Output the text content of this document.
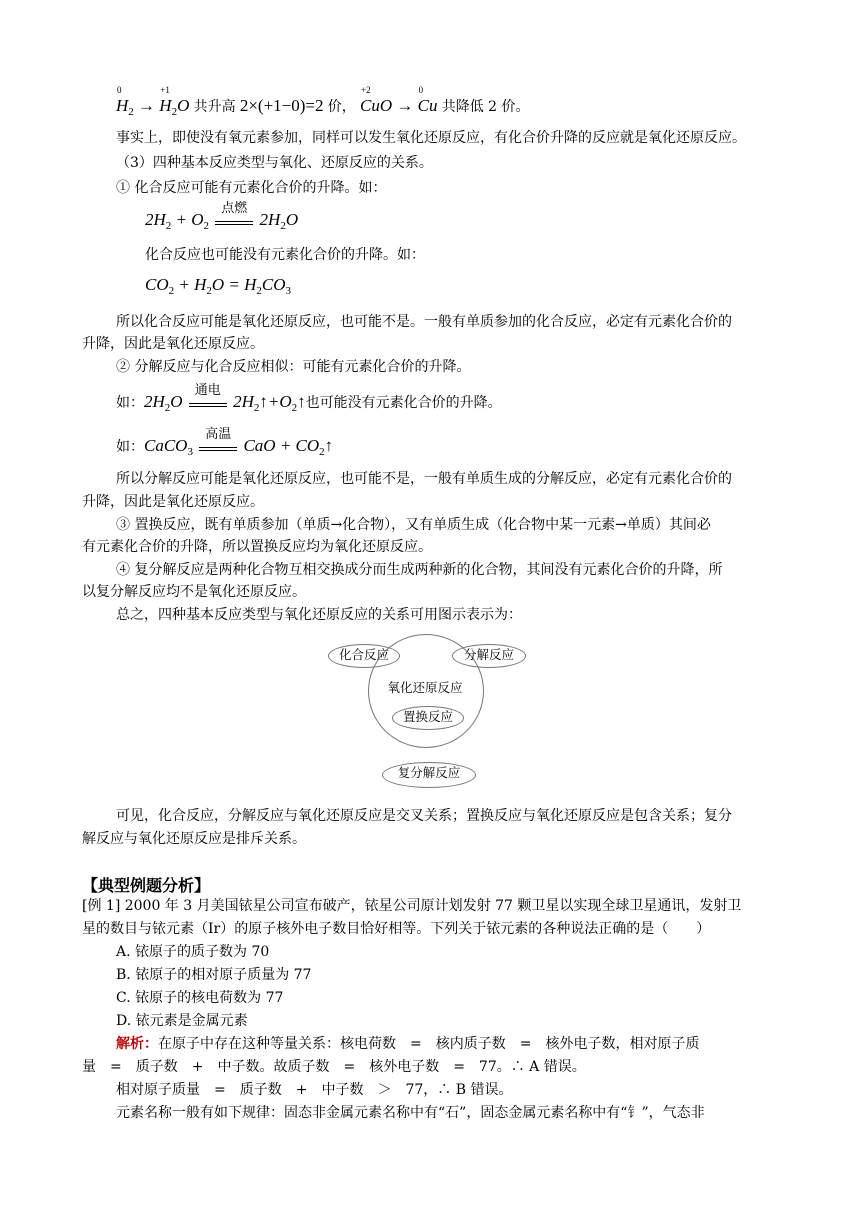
0
$H_2$ →
+1
$H_2O$ 共升高 2×(+1−0)=2 价，
+2
CuO →
0
Cu 共降低 2 价。
事实上，即使没有氧元素参加，同样可以发生氧化还原反应，有化合价升降的反应就是氧化还原反应。
（3）四种基本反应类型与氧化、还原反应的关系。
① 化合反应可能有元素化合价的升降。如：
$2H_2 + O_2$
点燃
$2H_2O$
化合反应也可能没有元素化合价的升降。如：
$CO_2 + H_2O = H_2CO_3$
所以化合反应可能是氧化还原反应，也可能不是。一般有单质参加的化合反应，必定有元素化合价的
升降，因此是氧化还原反应。
② 分解反应与化合反应相似：可能有元素化合价的升降。
如：$2H_2O$
通电
$2H_2↑+O_2↑$也可能没有元素化合价的升降。
如：CaCO$_3$
高温
CaO + $CO_2↑$
所以分解反应可能是氧化还原反应，也可能不是，一般有单质生成的分解反应，必定有元素化合价的
升降，因此是氧化还原反应。
③ 置换反应，既有单质参加（单质→化合物），又有单质生成（化合物中某一元素→单质）其间必
有元素化合价的升降，所以置换反应均为氧化还原反应。
④ 复分解反应是两种化合物互相交换成分而生成两种新的化合物，其间没有元素化合价的升降，所
以复分解反应均不是氧化还原反应。
总之，四种基本反应类型与氧化还原反应的关系可用图示表示为：
化合反应	分解反应
氧化还原反应
置换反应
复分解反应
可见，化合反应，分解反应与氧化还原反应是交叉关系；置换反应与氧化还原反应是包含关系；复分
解反应与氧化还原反应是排斥关系。
【典型例题分析】
[例 1] 2000 年 3 月美国铱星公司宣布破产，铱星公司原计划发射 77 颗卫星以实现全球卫星通讯，发射卫
星的数目与铱元素（Ir）的原子核外电子数目恰好相等。下列关于铱元素的各种说法正确的是（　　）
A. 铱原子的质子数为 70
B. 铱原子的相对原子质量为 77
C. 铱原子的核电荷数为 77
D. 铱元素是金属元素
解析：在原子中存在这种等量关系：核电荷数　=　核内质子数　=　核外电子数，相对原子质
量　=　质子数　+　中子数。故质子数　=　核外电子数　=　77。∴ A 错误。
相对原子质量　=　质子数　+　中子数　＞　77，∴ B 错误。
元素名称一般有如下规律：固态非金属元素名称中有“石”，固态金属元素名称中有“钅”，气态非
